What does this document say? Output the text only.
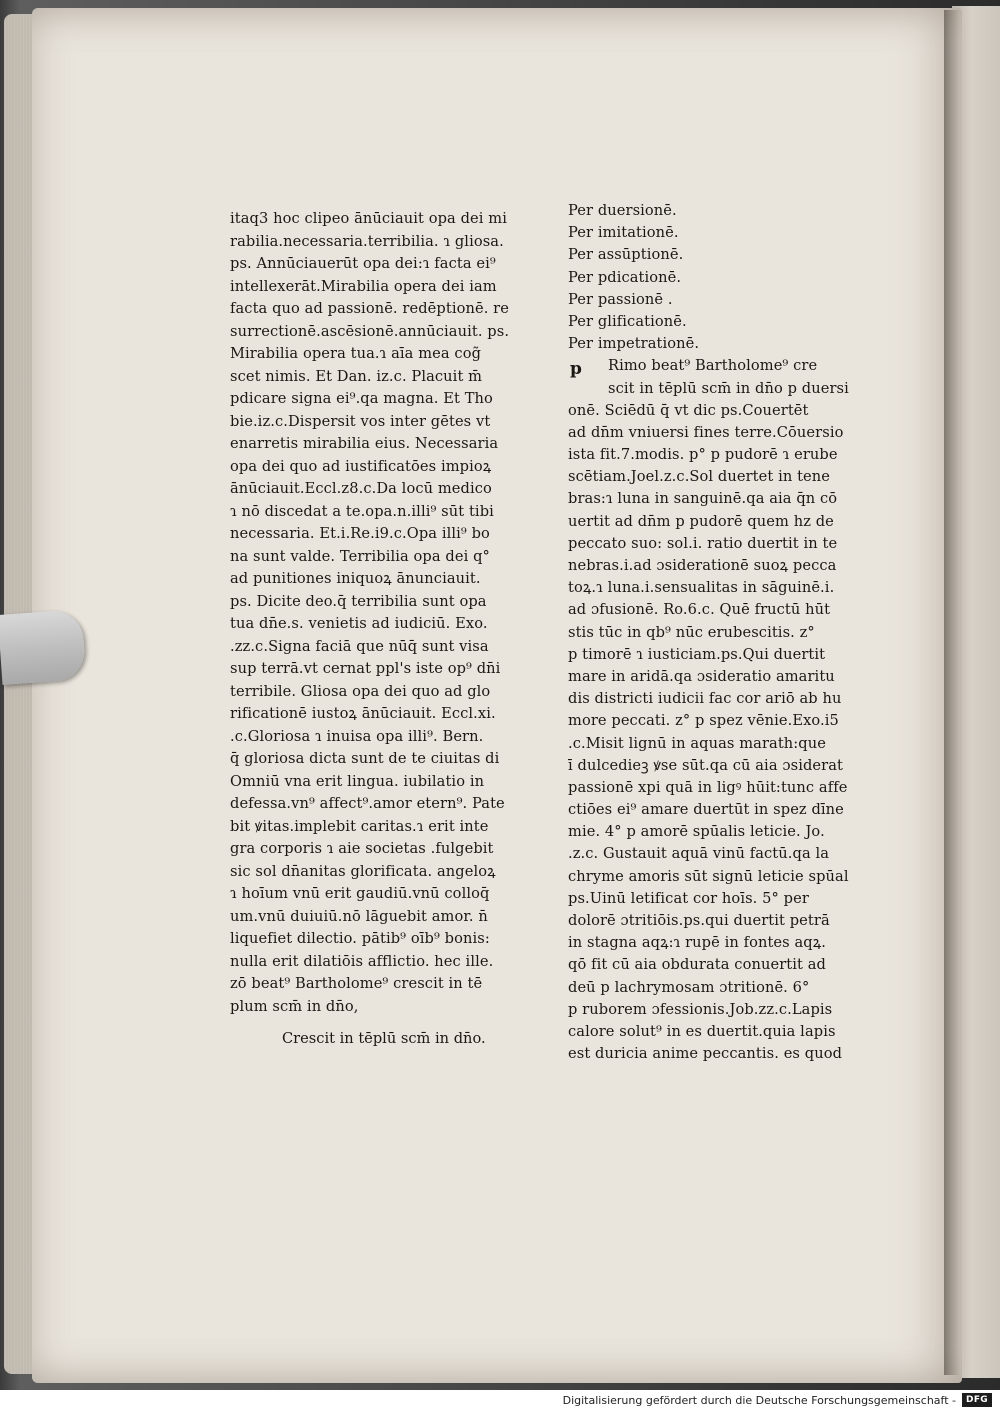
itaq3 hoc clipeo ānūciauit opa dei mi
rabilia.necessaria.terribilia. ɿ gliosa.
ps. Annūciauerūt opa dei:ɿ facta ei⁹
intellexerāt.Mirabilia opera dei iam
facta quo ad passionē. redēptionē. re
surrectionē.ascēsionē.annūciauit. ps.
Mirabilia opera tua.ɿ aīa mea cog̃
scet nimis. Et Dan. iz.c. Placuit m̄
pdicare signa ei⁹.qa magna. Et Tho
bie.iz.c.Dispersit vos inter gētes vt
enarretis mirabilia eius. Necessaria
opa dei quo ad iustificatōes impioꝝ
ānūciauit.Eccl.z8.c.Da locū medico
ɿ nō discedat a te.opa.n.illi⁹ sūt tibi
necessaria. Et.i.Re.i9.c.Opa illi⁹ bo
na sunt valde. Terribilia opa dei q°
ad punitiones iniquoꝝ ānunciauit.
ps. Dicite deo.q̄ terribilia sunt opa
tua dn̄e.s. venietis ad iudiciū. Exo.
.zz.c.Signa faciā que nūq̄ sunt visa
sup terrā.vt cernat ppl's iste op⁹ dn̄i
terribile. Gliosa opa dei quo ad glo
rificationē iustoꝝ ānūciauit. Eccl.xi.
.c.Gloriosa ɿ inuisa opa illi⁹. Bern.
q̄ gloriosa dicta sunt de te ciuitas di
Omniū vna erit lingua. iubilatio in
defessa.vn⁹ affect⁹.amor etern⁹. Pate
bit ꝟitas.implebit caritas.ɿ erit inte
gra corporis ɿ aie societas .fulgebit
sic sol dn̄anitas glorificata. angeloꝝ
ɿ hoīum vnū erit gaudiū.vnū colloq̄
um.vnū duiuiū.nō lāguebit amor. n̄
liquefiet dilectio. pātib⁹ oīb⁹ bonis:
nulla erit dilatiōis afflictio. hec ille.
zō beat⁹ Bartholome⁹ crescit in tē
plum scm̄ in dn̄o,
Crescit in tēplū scm̄ in dn̄o.
Per duersionē.
Per imitationē.
Per assūptionē.
Per pdicationē.
Per passionē .
Per glificationē.
Per impetrationē.
p	Rimo beat⁹ Bartholome⁹ cre
scit in tēplū scm̄ in dn̄o p duersi
onē. Sciēdū q̄ vt dic ps.Couertēt
ad dn̄m vniuersi fines terre.Cōuersio
ista fit.7.modis. p° p pudorē ɿ erube
scētiam.Joel.z.c.Sol duertet in tene
bras:ɿ luna in sanguinē.qa aia q̄n cō
uertit ad dn̄m p pudorē quem hz de
peccato suo: sol.i. ratio duertit in te
nebras.i.ad ɔsiderationē suoꝝ pecca
toꝝ.ɿ luna.i.sensualitas in sāguinē.i.
ad ɔfusionē. Ro.6.c. Quē fructū hūt
stis tūc in qb⁹ nūc erubescitis. z°
p timorē ɿ iusticiam.ps.Qui duertit
mare in aridā.qa ɔsideratio amaritu
dis districti iudicii fac cor ariō ab hu
more peccati. z° p spez vēnie.Exo.i5
.c.Misit lignū in aquas marath:que
ī dulcedieꝫ ꝟse sūt.qa cū aia ɔsiderat
passionē xpi quā in ligꝰ hūit:tunc affe
ctiōes ei⁹ amare duertūt in spez dīne
mie. 4° p amorē spūalis leticie. Jo.
.z.c. Gustauit aquā vinū factū.qa la
chryme amoris sūt signū leticie spūal
ps.Uinū letificat cor hoīs. 5° per
dolorē ɔtritiōis.ps.qui duertit petrā
in stagna aqꝝ:ɿ rupē in fontes aqꝝ.
qō fit cū aia obdurata conuertit ad
deū p lachrymosam ɔtritionē. 6°
p ruborem ɔfessionis.Job.zz.c.Lapis
calore solut⁹ in es duertit.quia lapis
est duricia anime peccantis. es quod
Digitalisierung gefördert durch die Deutsche Forschungsgemeinschaft -	DFG
